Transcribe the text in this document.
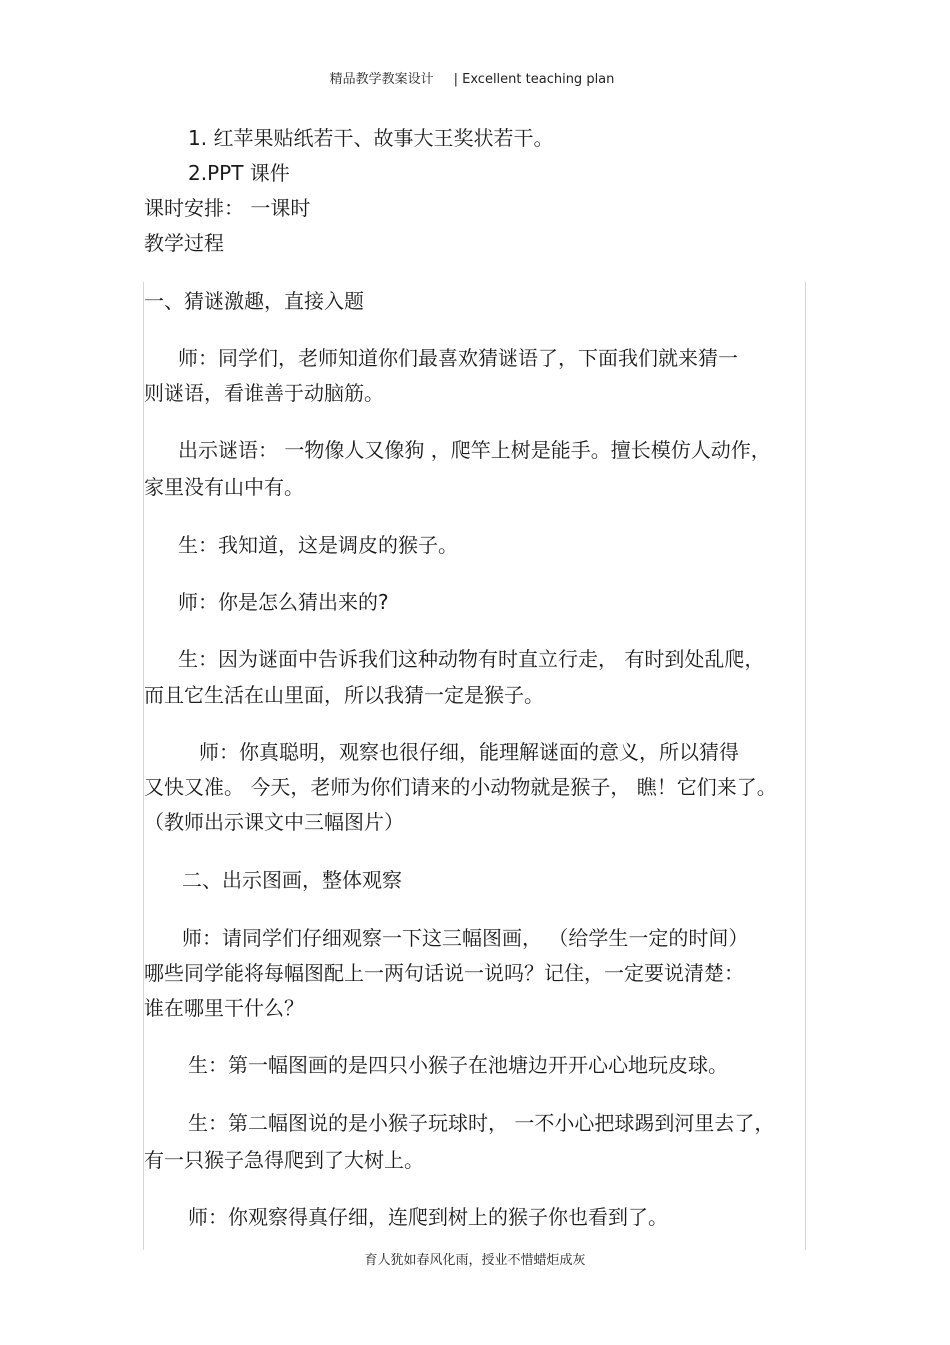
精品教学教案设计 | Excellent teaching plan
1. 红苹果贴纸若干、故事大王奖状若干。
2.PPT 课件
课时安排： 一课时
教学过程
一、猜谜激趣，直接入题
师：同学们，老师知道你们最喜欢猜谜语了，下面我们就来猜一
则谜语，看谁善于动脑筋。
出示谜语： 一物像人又像狗 ，爬竿上树是能手。擅长模仿人动作，
家里没有山中有。
生：我知道，这是调皮的猴子。
师：你是怎么猜出来的?
生：因为谜面中告诉我们这种动物有时直立行走， 有时到处乱爬，
而且它生活在山里面，所以我猜一定是猴子。
师：你真聪明，观察也很仔细，能理解谜面的意义，所以猜得
又快又准。 今天，老师为你们请来的小动物就是猴子， 瞧！它们来了。
（教师出示课文中三幅图片）
二、出示图画，整体观察
师：请同学们仔细观察一下这三幅图画， （给学生一定的时间）
哪些同学能将每幅图配上一两句话说一说吗？记住，一定要说清楚：
谁在哪里干什么？
生：第一幅图画的是四只小猴子在池塘边开开心心地玩皮球。
生：第二幅图说的是小猴子玩球时， 一不小心把球踢到河里去了，
有一只猴子急得爬到了大树上。
师：你观察得真仔细，连爬到树上的猴子你也看到了。
育人犹如春风化雨，授业不惜蜡炬成灰
